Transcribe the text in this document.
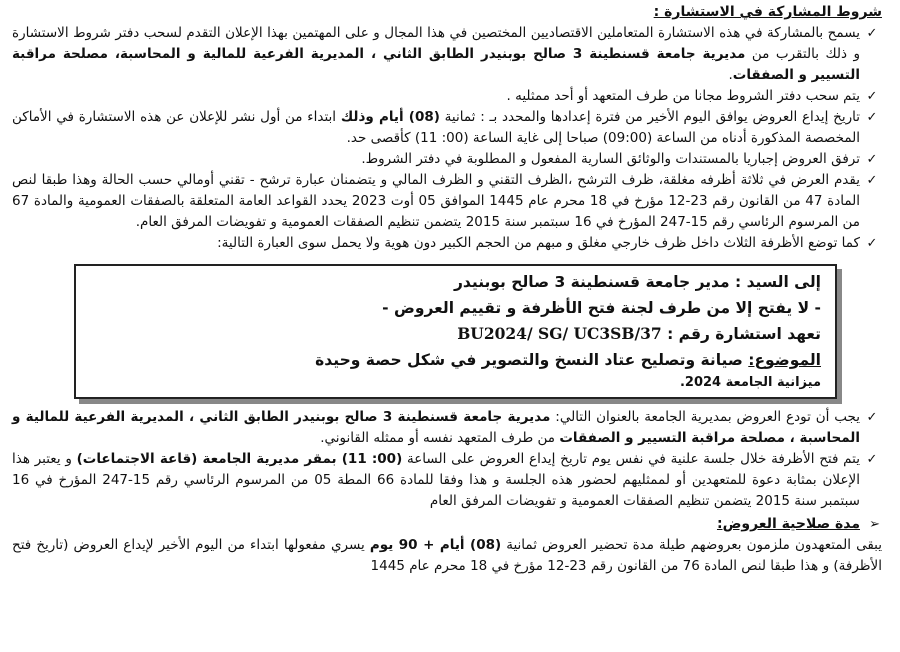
شروط المشاركة في الاستشارة :
✓
يسمح بالمشاركة في هذه الاستشارة المتعاملين الاقتصاديين المختصين في هذا المجال و على المهتمين بهذا الإعلان التقدم لسحب دفتر شروط الاستشارة و ذلك بالتقرب من مديرية جامعة قسنطينة 3 صالح بوبنيدر الطابق الثاني ، المديرية الفرعية للمالية و المحاسبة، مصلحة مراقبة التسيير و الصفقات.
✓
يتم سحب دفتر الشروط مجانا من طرف المتعهد أو أحد ممثليه .
✓
تاريخ إيداع العروض يوافق اليوم الأخير من فترة إعدادها والمحدد بـ : ثمانية (08) أيام وذلك ابتداء من أول نشر للإعلان عن هذه الاستشارة في الأماكن المخصصة المذكورة أدناه من الساعة (09:00) صباحا إلى غاية الساعة (00: 11) كأقصى حد.
✓
ترفق العروض إجباريا بالمستندات والوثائق السارية المفعول و المطلوبة في دفتر الشروط.
✓
يقدم العرض في ثلاثة أظرفه مغلقة، ظرف الترشح ،الظرف التقني و الظرف المالي و يتضمنان عبارة ترشح - تقني أومالي حسب الحالة وهذا طبقا لنص المادة 47 من القانون رقم 23-12 مؤرخ في 18 محرم عام 1445 الموافق 05 أوت 2023 يحدد القواعد العامة المتعلقة بالصفقات العمومية والمادة 67 من المرسوم الرئاسي رقم 15-247 المؤرخ في 16 سبتمبر سنة 2015 يتضمن تنظيم الصفقات العمومية و تفويضات المرفق العام.
✓
كما توضع الأظرفة الثلاث داخل ظرف خارجي مغلق و مبهم من الحجم الكبير دون هوية ولا يحمل سوى العبارة التالية:
إلى السيد : مدير جامعة قسنطينة 3 صالح بوبنيدر
- لا يفتح إلا من طرف لجنة فتح الأظرفة و تقييم العروض -
تعهد استشارة رقم : BU2024/ SG/ UC3SB/37
الموضوع: صيانة وتصليح عتاد النسخ والتصوير في شكل حصة وحيدة
ميزانية الجامعة 2024.
✓
يجب أن تودع العروض بمديرية الجامعة بالعنوان التالي: مديرية جامعة قسنطينة 3 صالح بوبنيدر الطابق الثاني ، المديرية الفرعية للمالية و المحاسبة ، مصلحة مراقبة التسيير و الصفقات من طرف المتعهد نفسه أو ممثله القانوني.
✓
يتم فتح الأظرفة خلال جلسة علنية في نفس يوم تاريخ إيداع العروض على الساعة (00: 11) بمقر مديرية الجامعة (قاعة الاجتماعات) و يعتبر هذا الإعلان بمثابة دعوة للمتعهدين أو لممثليهم لحضور هذه الجلسة و هذا وفقا للمادة 66 المطة 05 من المرسوم الرئاسي رقم 15-247 المؤرخ في 16 سبتمبر سنة 2015 يتضمن تنظيم الصفقات العمومية و تفويضات المرفق العام
➢
مدة صلاحية العروض:

يبقى المتعهدون ملزمون بعروضهم طيلة مدة تحضير العروض ثمانية (08) أيام + 90 يوم يسري مفعولها ابتداء من اليوم الأخير لإيداع العروض (تاريخ فتح الأظرفة) و هذا طبقا لنص المادة 76 من القانون رقم 23-12 مؤرخ في 18 محرم عام 1445
